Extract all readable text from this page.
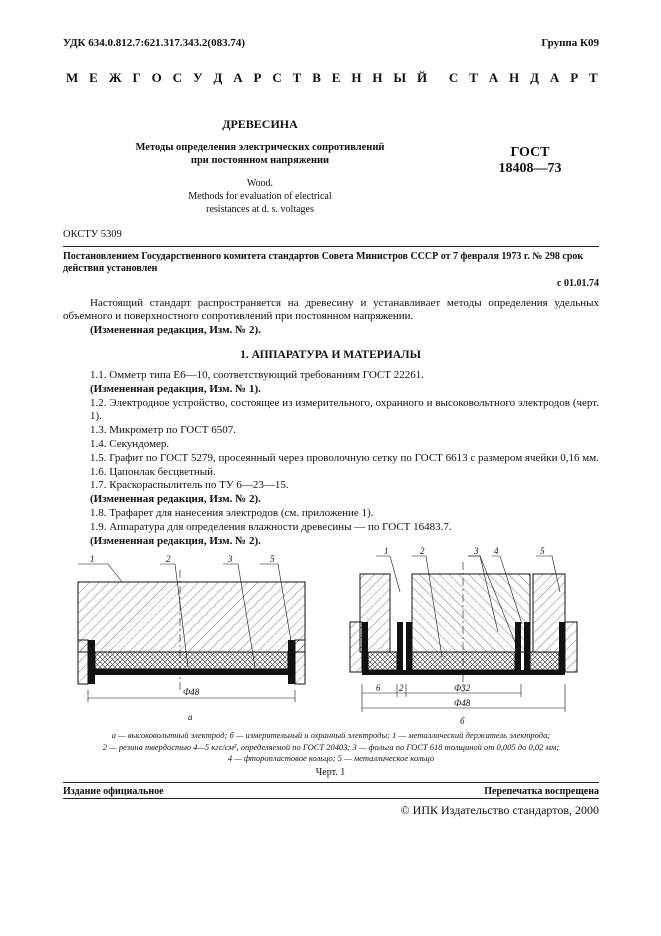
УДК 634.0.812.7:621.317.343.2(083.74)	Группа К09
М Е Ж Г О С У Д А Р С Т В Е Н Н Ы Й С Т А Н Д А Р Т
ДРЕВЕСИНА
Методы определения электрических сопротивлений
при постоянном напряжении
Wood.
Methods for evaluation of electrical
resistances at d. s. voltages
ГОСТ
18408—73
ОКСТУ 5309
Постановлением Государственного комитета стандартов Совета Министров СССР от 7 февраля 1973 г. № 298 срок действия установлен
с 01.01.74
Настоящий стандарт распространяется на древесину и устанавливает методы определения удельных объемного и поверхностного сопротивлений при постоянном напряжении.
(Измененная редакция, Изм. № 2).
1. АППАРАТУРА И МАТЕРИАЛЫ
1.1. Омметр типа Е6—10, соответствующий требованиям ГОСТ 22261.
(Измененная редакция, Изм. № 1).
1.2. Электродное устройство, состоящее из измерительного, охранного и высоковольтного электродов (черт. 1).
1.3. Микрометр по ГОСТ 6507.
1.4. Секундомер.
1.5. Графит по ГОСТ 5279, просеянный через проволочную сетку по ГОСТ 6613 с размером ячейки 0,16 мм.
1.6. Цапонлак бесцветный.
1.7. Краскораспылитель по ТУ 6—23—15.
(Измененная редакция, Изм. № 2).
1.8. Трафарет для нанесения электродов (см. приложение 1).
1.9. Аппаратура для определения влажности древесины — по ГОСТ 16483.7.
(Измененная редакция, Изм. № 2).
1	2	3	5
Ф48
а
1	2	3 4	5
6 2	Ф32
Ф48
б
а — высоковольтный электрод; б — измерительный и охранный электроды; 1 — металлический держатель электрода;
2 — резина твердостью 4—5 кгс/см², определяемой по ГОСТ 20403; 3 — фольга по ГОСТ 618 толщиной от 0,005 до 0,02 мм;
4 — фторопластовое кольцо; 5 — металлическое кольцо
Черт. 1
Издание официальное	Перепечатка воспрещена
© ИПК Издательство стандартов, 2000
